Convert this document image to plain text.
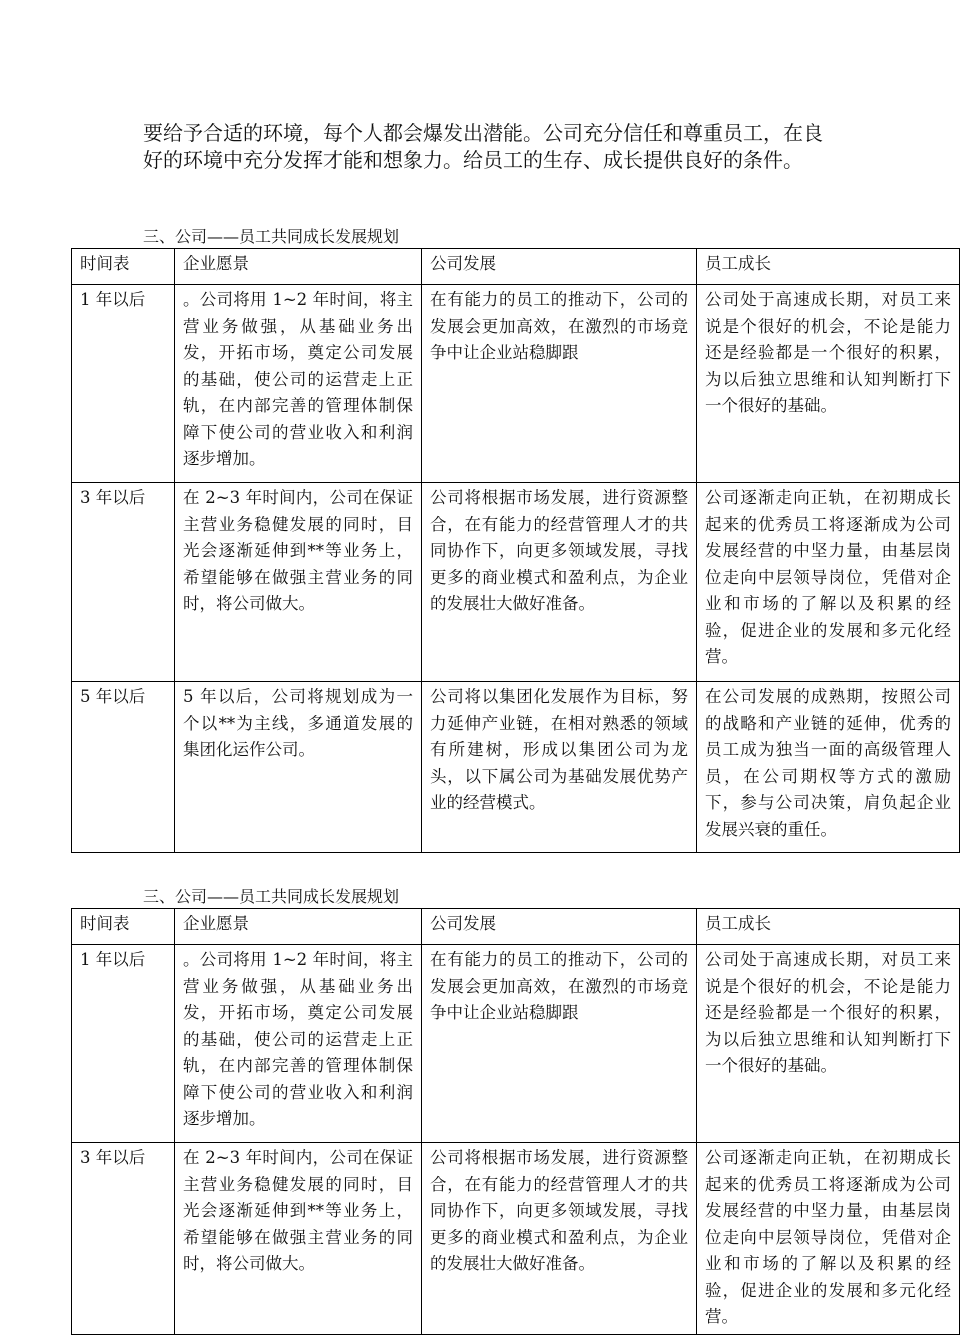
要给予合适的环境，每个人都会爆发出潜能。公司充分信任和尊重员工，在良好的环境中充分发挥才能和想象力。给员工的生存、成长提供良好的条件。
三、公司——员工共同成长发展规划
时间表	企业愿景	公司发展	员工成长
1 年以后	。公司将用 1~2 年时间，将主营业务做强，从基础业务出发，开拓市场，奠定公司发展的基础，使公司的运营走上正轨，在内部完善的管理体制保障下使公司的营业收入和利润逐步增加。	在有能力的员工的推动下，公司的发展会更加高效，在激烈的市场竞争中让企业站稳脚跟	公司处于高速成长期，对员工来说是个很好的机会，不论是能力还是经验都是一个很好的积累，为以后独立思维和认知判断打下一个很好的基础。
3 年以后	在 2~3 年时间内，公司在保证主营业务稳健发展的同时，目光会逐渐延伸到**等业务上，希望能够在做强主营业务的同时，将公司做大。	公司将根据市场发展，进行资源整合，在有能力的经营管理人才的共同协作下，向更多领域发展，寻找更多的商业模式和盈利点，为企业的发展壮大做好准备。	公司逐渐走向正轨，在初期成长起来的优秀员工将逐渐成为公司发展经营的中坚力量，由基层岗位走向中层领导岗位，凭借对企业和市场的了解以及积累的经验，促进企业的发展和多元化经营。
5 年以后	5 年以后，公司将规划成为一个以**为主线，多通道发展的集团化运作公司。	公司将以集团化发展作为目标，努力延伸产业链，在相对熟悉的领域有所建树，形成以集团公司为龙头，以下属公司为基础发展优势产业的经营模式。	在公司发展的成熟期，按照公司的战略和产业链的延伸，优秀的员工成为独当一面的高级管理人员，在公司期权等方式的激励下，参与公司决策，肩负起企业发展兴衰的重任。
三、公司——员工共同成长发展规划
时间表	企业愿景	公司发展	员工成长
1 年以后	。公司将用 1~2 年时间，将主营业务做强，从基础业务出发，开拓市场，奠定公司发展的基础，使公司的运营走上正轨，在内部完善的管理体制保障下使公司的营业收入和利润逐步增加。	在有能力的员工的推动下，公司的发展会更加高效，在激烈的市场竞争中让企业站稳脚跟	公司处于高速成长期，对员工来说是个很好的机会，不论是能力还是经验都是一个很好的积累，为以后独立思维和认知判断打下一个很好的基础。
3 年以后	在 2~3 年时间内，公司在保证主营业务稳健发展的同时，目光会逐渐延伸到**等业务上，希望能够在做强主营业务的同时，将公司做大。	公司将根据市场发展，进行资源整合，在有能力的经营管理人才的共同协作下，向更多领域发展，寻找更多的商业模式和盈利点，为企业的发展壮大做好准备。	公司逐渐走向正轨，在初期成长起来的优秀员工将逐渐成为公司发展经营的中坚力量，由基层岗位走向中层领导岗位，凭借对企业和市场的了解以及积累的经验，促进企业的发展和多元化经营。
